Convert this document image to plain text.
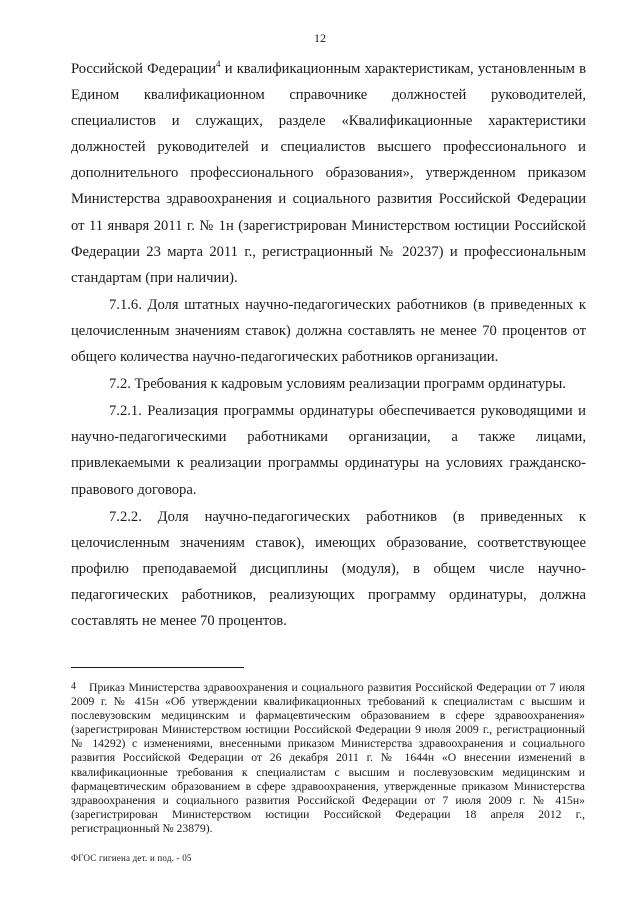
12

Российской Федерации$^4$ и квалификационным характеристикам, установленным в Едином квалификационном справочнике должностей руководителей, специалистов и служащих, разделе «Квалификационные характеристики должностей руководителей и специалистов высшего профессионального и дополнительного профессионального образования», утвержденном приказом Министерства здравоохранения и социального развития Российской Федерации от 11 января 2011 г. № 1н (зарегистрирован Министерством юстиции Российской Федерации 23 марта 2011 г., регистрационный № 20237) и профессиональным стандартам (при наличии).

7.1.6. Доля штатных научно-педагогических работников (в приведенных к целочисленным значениям ставок) должна составлять не менее 70 процентов от общего количества научно-педагогических работников организации.

7.2. Требования к кадровым условиям реализации программ ординатуры.

7.2.1. Реализация программы ординатуры обеспечивается руководящими и научно-педагогическими работниками организации, а также лицами, привлекаемыми к реализации программы ординатуры на условиях гражданско-правового договора.

7.2.2. Доля научно-педагогических работников (в приведенных к целочисленным значениям ставок), имеющих образование, соответствующее профилю преподаваемой дисциплины (модуля), в общем числе научно-педагогических работников, реализующих программу ординатуры, должна составлять не менее 70 процентов.

4 Приказ Министерства здравоохранения и социального развития Российской Федерации от 7 июля 2009 г. № 415н «Об утверждении квалификационных требований к специалистам с высшим и послевузовским медицинским и фармацевтическим образованием в сфере здравоохранения» (зарегистрирован Министерством юстиции Российской Федерации 9 июля 2009 г., регистрационный № 14292) с изменениями, внесенными приказом Министерства здравоохранения и социального развития Российской Федерации от 26 декабря 2011 г. № 1644н «О внесении изменений в квалификационные требования к специалистам с высшим и послевузовским медицинским и фармацевтическим образованием в сфере здравоохранения, утвержденные приказом Министерства здравоохранения и социального развития Российской Федерации от 7 июля 2009 г. № 415н» (зарегистрирован Министерством юстиции Российской Федерации 18 апреля 2012 г., регистрационный № 23879).
ФГОС гигиена дет. и под. - 05
